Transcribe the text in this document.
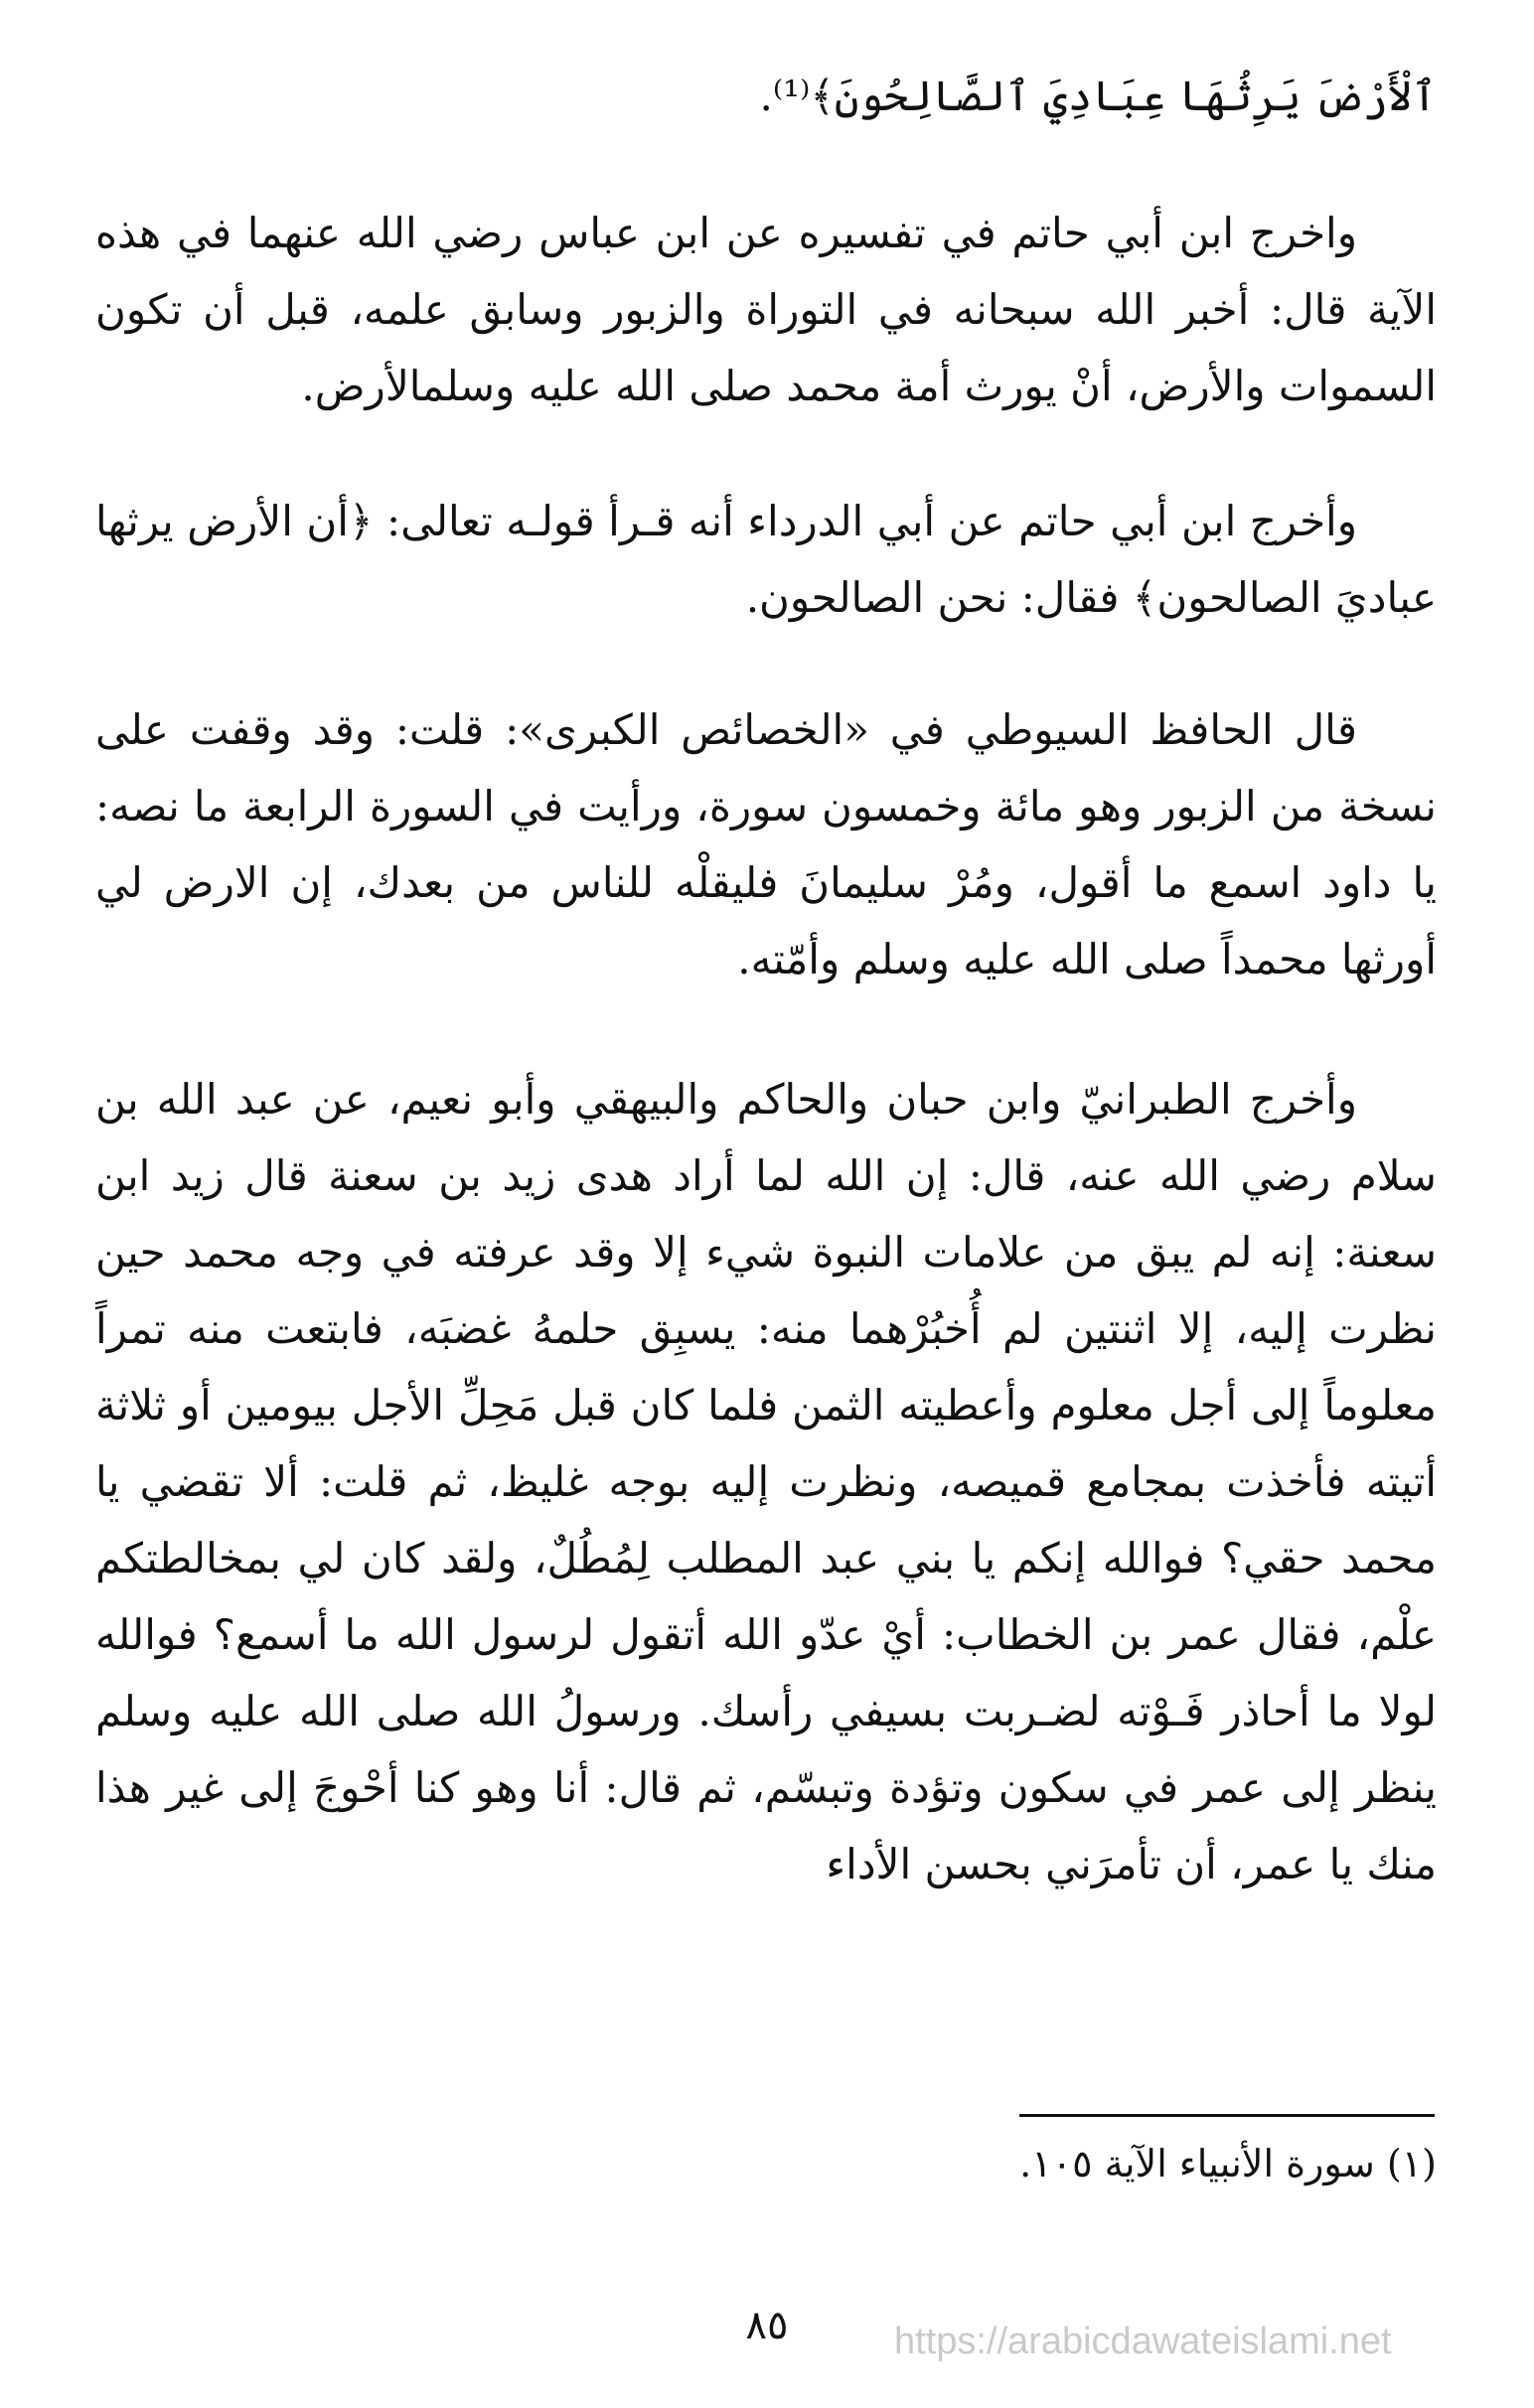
ٱلْأَرْضَ يَرِثُهَا عِبَادِيَ ٱلصَّالِحُونَ﴾⁽¹⁾.

واخرج ابن أبي حاتم في تفسيره عن ابن عباس رضي الله عنهما في هذه الآية قال: أخبر الله سبحانه في التوراة والزبور وسابق علمه، قبل أن تكون السموات والأرض، أنْ يورث أمة محمد صلى الله عليه وسلمالأرض.

وأخرج ابن أبي حاتم عن أبي الدرداء أنه قـرأ قولـه تعالى: ﴿أن الأرض يرثها عباديَ الصالحون﴾ فقال: نحن الصالحون.

قال الحافظ السيوطي في «الخصائص الكبرى»: قلت: وقد وقفت على نسخة من الزبور وهو مائة وخمسون سورة، ورأيت في السورة الرابعة ما نصه: يا داود اسمع ما أقول، ومُرْ سليمانَ فليقلْه للناس من بعدك، إن الارض لي أورثها محمداً صلى الله عليه وسلم وأمّته.

وأخرج الطبرانيّ وابن حبان والحاكم والبيهقي وأبو نعيم، عن عبد الله بن سلام رضي الله عنه، قال: إن الله لما أراد هدى زيد بن سعنة قال زيد ابن سعنة: إنه لم يبق من علامات النبوة شيء إلا وقد عرفته في وجه محمد حين نظرت إليه، إلا اثنتين لم أُخبُرْهما منه: يسبِق حلمهُ غضبَه، فابتعت منه تمراً معلوماً إلى أجل معلوم وأعطيته الثمن فلما كان قبل مَحِلِّ الأجل بيومين أو ثلاثة أتيته فأخذت بمجامع قميصه، ونظرت إليه بوجه غليظ، ثم قلت: ألا تقضي يا محمد حقي؟ فوالله إنكم يا بني عبد المطلب لِمُطُلٌ، ولقد كان لي بمخالطتكم علْم، فقال عمر بن الخطاب: أيْ عدّو الله أتقول لرسول الله ما أسمع؟ فوالله لولا ما أحاذر فَـوْته لضـربت بسيفي رأسك. ورسولُ الله صلى الله عليه وسلم ينظر إلى عمر في سكون وتؤدة وتبسّم، ثم قال: أنا وهو كنا أحْوجَ إلى غير هذا منك يا عمر، أن تأمرَني بحسن الأداء

(١) سورة الأنبياء الآية ١٠٥.

٨٥	https://arabicdawateislami.net
